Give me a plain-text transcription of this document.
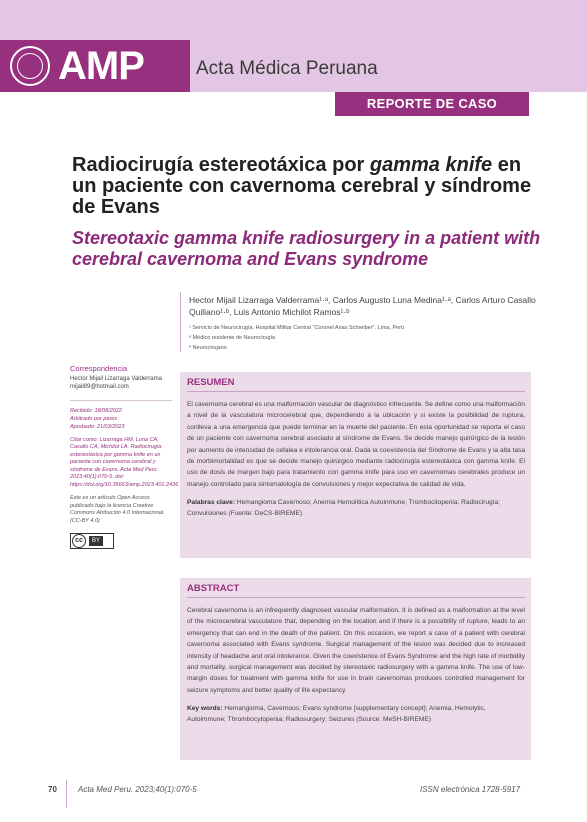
AMP	Acta Médica Peruana
REPORTE DE CASO
Radiocirugía estereotáxica por gamma knife en un paciente con cavernoma cerebral y síndrome de Evans
Stereotaxic gamma knife radiosurgery in a patient with cerebral cavernoma and Evans syndrome
Hector Mijail Lizarraga Valderrama¹·ᵃ, Carlos Augusto Luna Medina¹·ᵃ, Carlos Arturo Casallo Quiliano¹·ᵇ, Luis Antonio Michilot Ramos¹·ᵇ
¹ Servicio de Neurocirugía. Hospital Militar Central "Coronel Arias Schreiber". Lima, Perú
ᵃ Médico residente de Neurocirugía
ᵇ Neurocirujano
Correspondencia
Hector Mijail Lizarraga Valderrama
mijail89@hotmail.com
Recibido: 18/08/2022
Arbitrado por pares
Aprobado: 21/03/2023
Citar como: Lizarraga HM, Luna CA, Casallo CA, Michilot LA. Radiocirugía estereotáxica por gamma knife en un paciente con cavernoma cerebral y síndrome de Evans. Acta Med Peru. 2023;40(1):070-5. doi: https://doi.org/10.35663/amp.2023.401.2436
Este es un artículo Open Access publicado bajo la licencia Creative Commons Atribución 4.0 Internacional. (CC-BY 4.0)
cc	BY
RESUMEN

El cavernoma cerebral es una malformación vascular de diagnóstico infrecuente. Se define como una malformación a nivel de la vasculatura microcerebral que, dependiendo a la ubicación y si existe la posibilidad de ruptura, conlleva a una emergencia que puede terminar en la muerte del paciente. En esta oportunidad se reporta el caso de un paciente con cavernoma cerebral asociado al síndrome de Evans. Se decide manejo quirúrgico de la lesión por aumento de intensidad de cefalea e intolerancia oral. Dada la coexistencia del Síndrome de Evans y la alta tasa de morbimortalidad es que se decide manejo quirúrgico mediante radiocirugía estereotáxica con gamma knife. El uso de dosis de margen bajo para tratamiento con gamma knife para uso en cavernomas cerebrales produce un manejo controlado para sintomatología de convulsiones y mejor expectativa de calidad de vida.

Palabras clave: Hemangioma Cavernoso; Anemia Hemolítica Autoinmune; Trombocitopenia; Radiocirugía; Convulsiones (Fuente: DeCS-BIREME)

ABSTRACT

Cerebral cavernoma is an infrequently diagnosed vascular malformation. It is defined as a malformation at the level of the microcerebral vasculature that, depending on the location and if there is a possibility of rupture, leads to an emergency that can end in the death of the patient. On this occasion, we report a case of a patient with cerebral cavernoma associated with Evans syndrome. Surgical management of the lesion was decided due to increased intensity of headache and oral intolerance. Given the coexistence of Evans Syndrome and the high rate of morbidity and mortality, surgical management was decided by stereotaxic radiosurgery with a gamma knife. The use of low-margin doses for treatment with gamma knife for use in brain cavernomas produces controlled management for seizure symptoms and better quality of life expectancy.

Key words: Hemangioma, Cavernous; Evans syndrome [supplementary concept]; Anemia, Hemolytic, Autoimmune; Thrombocytopenia; Radiosurgery; Seizures (Source: MeSH-BIREME)

70	Acta Med Peru. 2023;40(1):070-5	ISSN electrónica 1728-5917
